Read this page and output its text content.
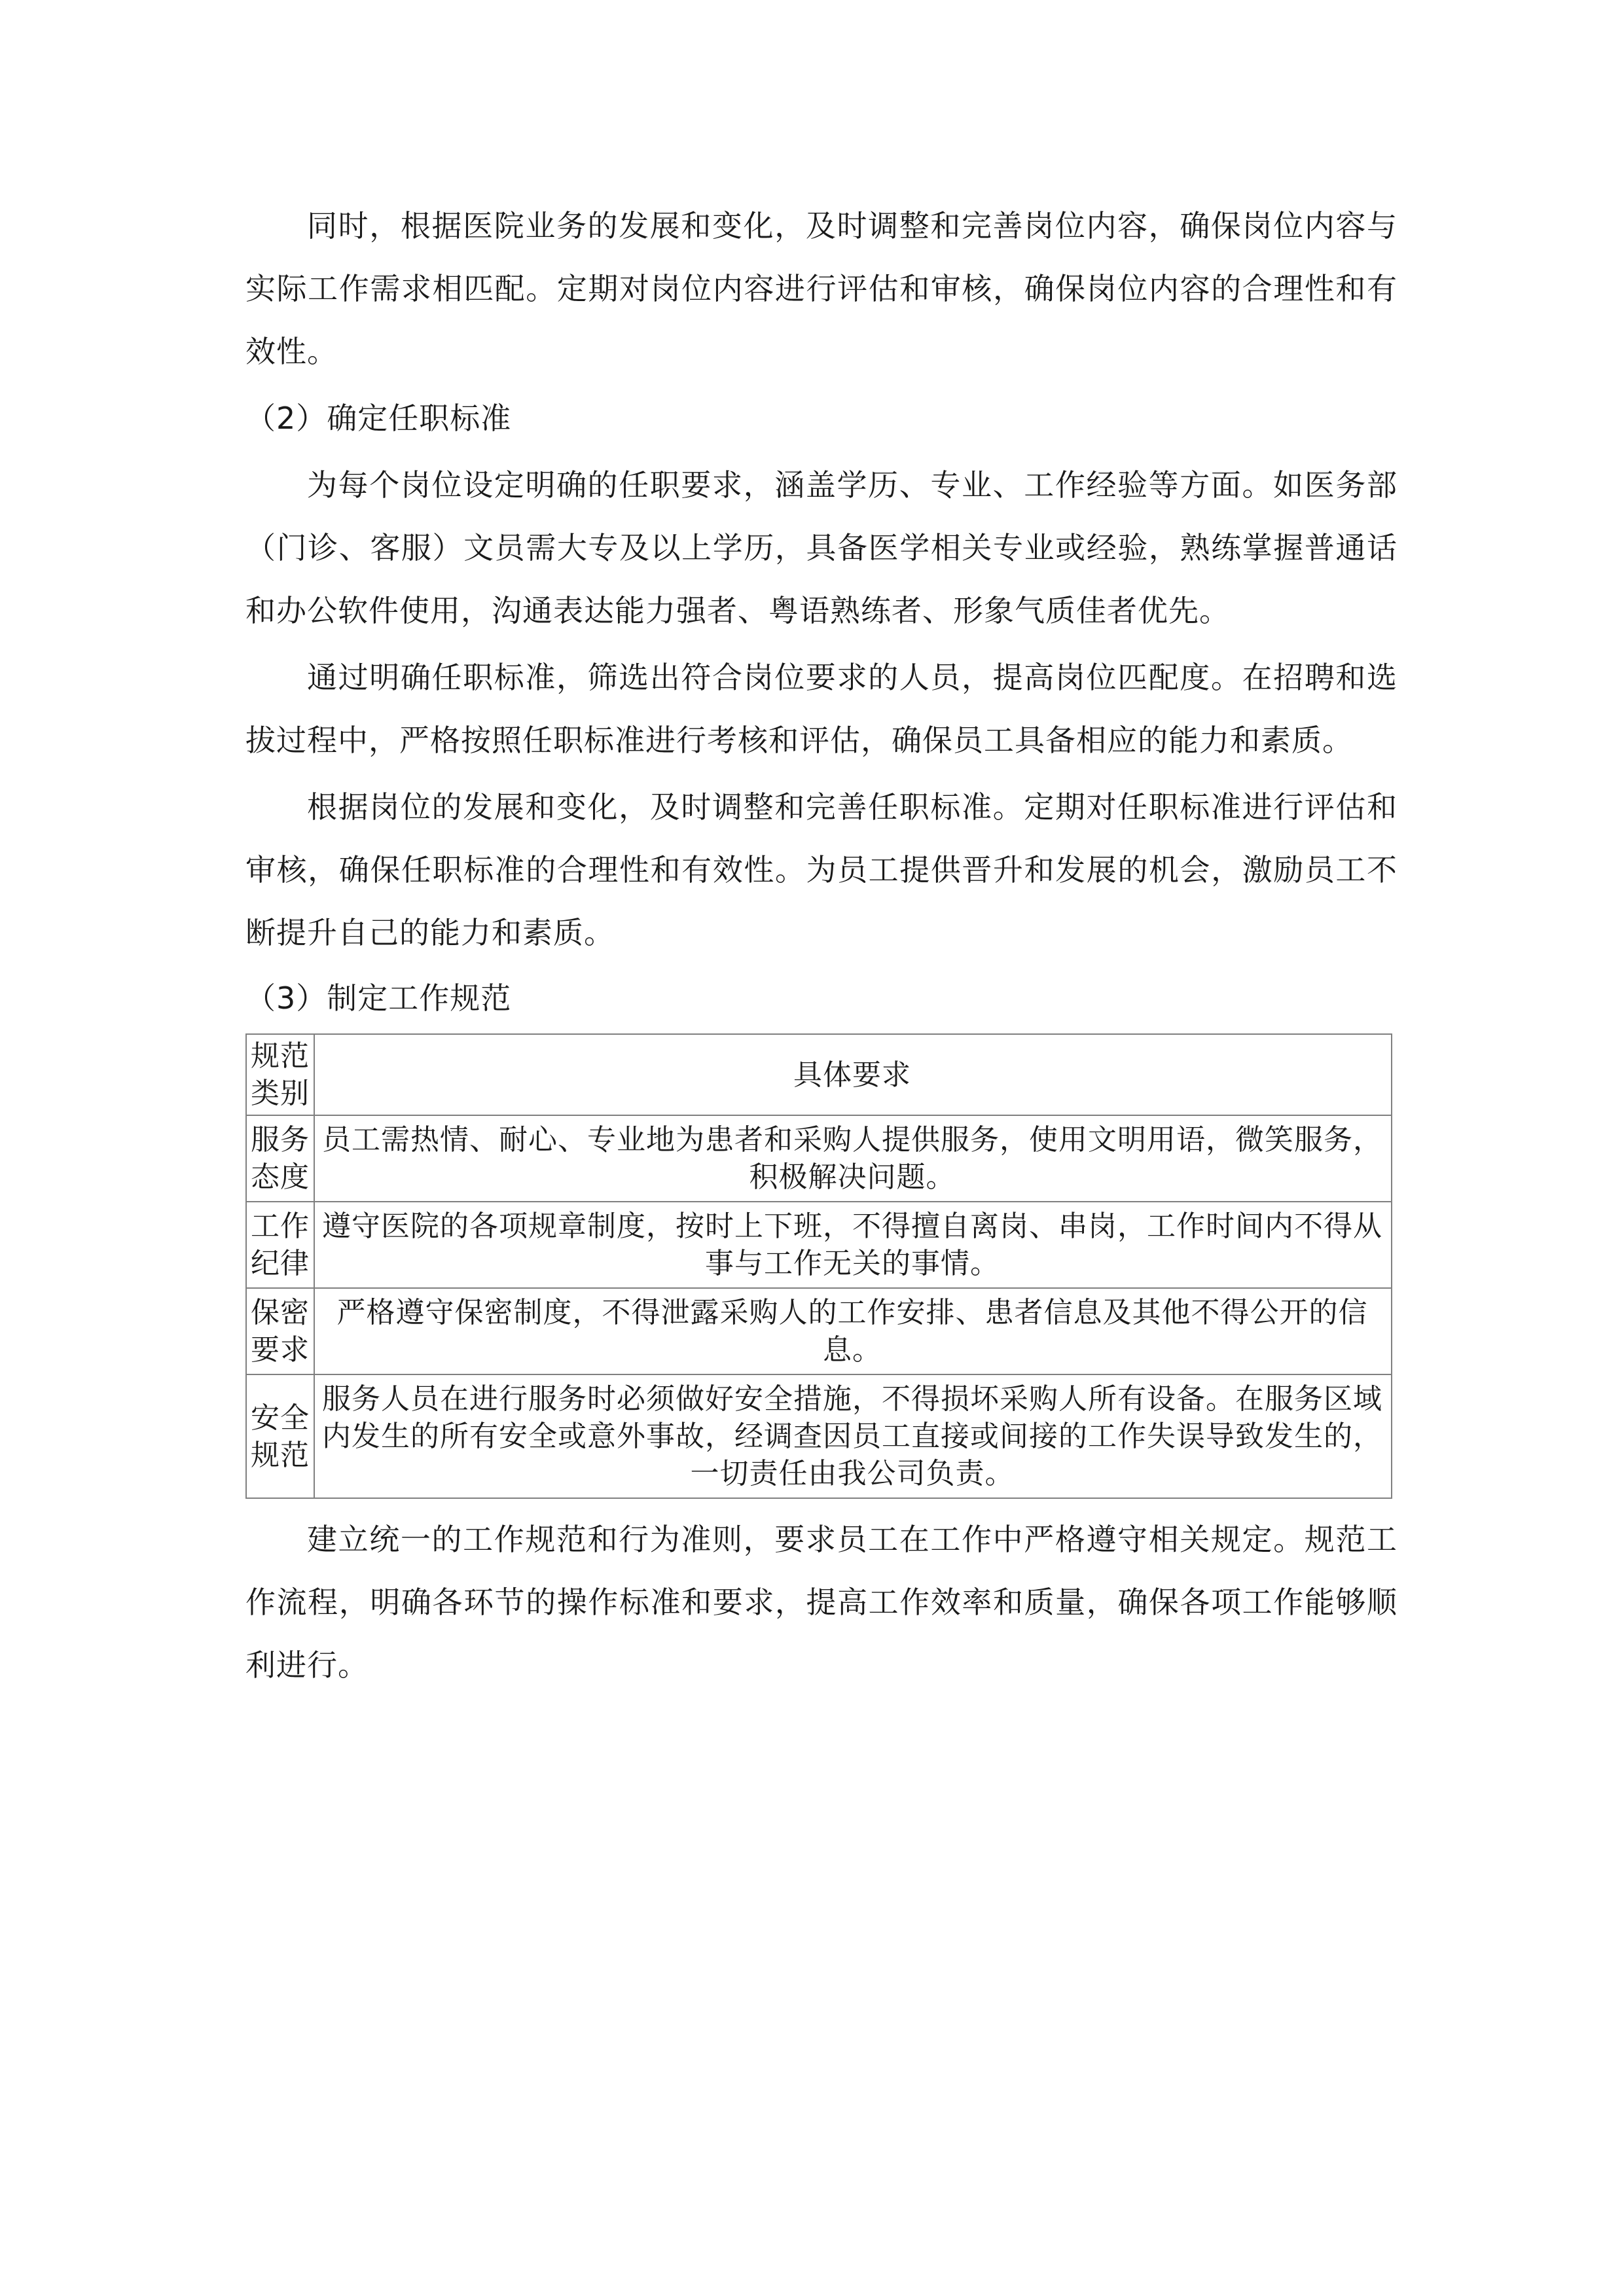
同时，根据医院业务的发展和变化，及时调整和完善岗位内容，确保岗位内容与实际工作需求相匹配。定期对岗位内容进行评估和审核，确保岗位内容的合理性和有效性。

（2）确定任职标准

为每个岗位设定明确的任职要求，涵盖学历、专业、工作经验等方面。如医务部（门诊、客服）文员需大专及以上学历，具备医学相关专业或经验，熟练掌握普通话和办公软件使用，沟通表达能力强者、粤语熟练者、形象气质佳者优先。

通过明确任职标准，筛选出符合岗位要求的人员，提高岗位匹配度。在招聘和选拔过程中，严格按照任职标准进行考核和评估，确保员工具备相应的能力和素质。

根据岗位的发展和变化，及时调整和完善任职标准。定期对任职标准进行评估和审核，确保任职标准的合理性和有效性。为员工提供晋升和发展的机会，激励员工不断提升自己的能力和素质。

（3）制定工作规范

规范类别	具体要求
服务态度	员工需热情、耐心、专业地为患者和采购人提供服务，使用文明用语，微笑服务，积极解决问题。
工作纪律	遵守医院的各项规章制度，按时上下班，不得擅自离岗、串岗，工作时间内不得从事与工作无关的事情。
保密要求	严格遵守保密制度，不得泄露采购人的工作安排、患者信息及其他不得公开的信息。
安全规范	服务人员在进行服务时必须做好安全措施，不得损坏采购人所有设备。在服务区域内发生的所有安全或意外事故，经调查因员工直接或间接的工作失误导致发生的，一切责任由我公司负责。

建立统一的工作规范和行为准则，要求员工在工作中严格遵守相关规定。规范工作流程，明确各环节的操作标准和要求，提高工作效率和质量，确保各项工作能够顺利进行。
